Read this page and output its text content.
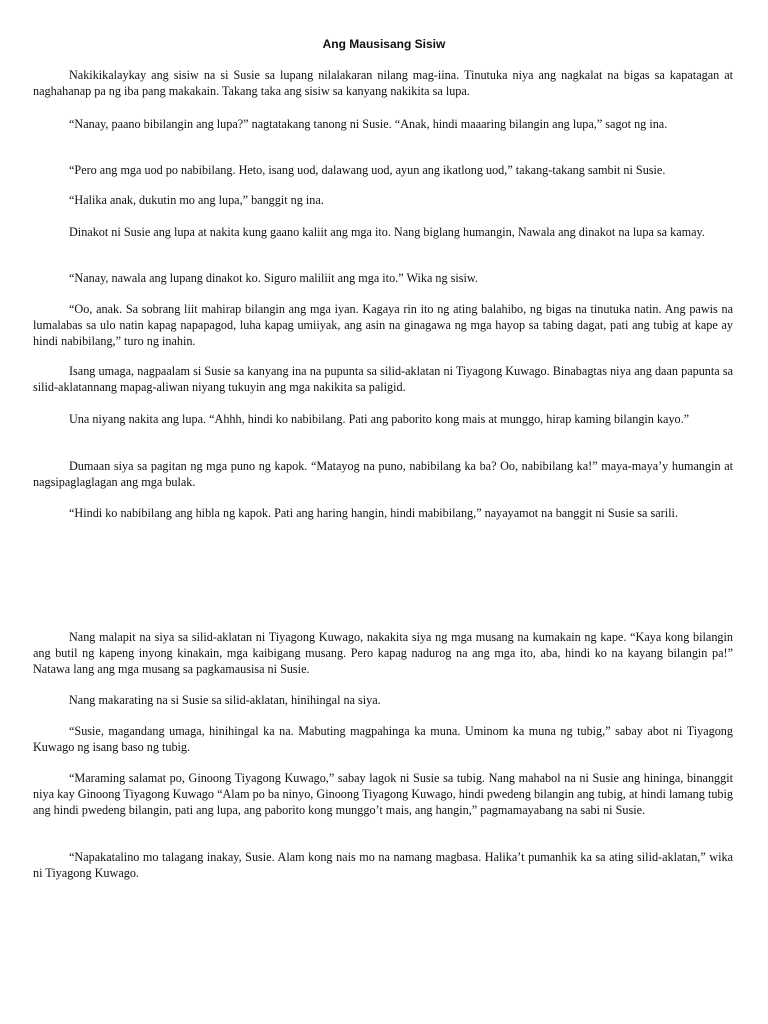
Ang Mausisang Sisiw

Nakikikalaykay ang sisiw na si Susie sa lupang nilalakaran nilang mag-iina. Tinutuka niya ang nagkalat na bigas sa kapatagan at naghahanap pa ng iba pang makakain. Takang taka ang sisiw sa kanyang nakikita sa lupa.

“Nanay, paano bibilangin ang lupa?” nagtatakang tanong ni Susie. “Anak, hindi maaaring bilangin ang lupa,” sagot ng ina.

“Pero ang mga uod po nabibilang. Heto, isang uod, dalawang uod, ayun ang ikatlong uod,” takang-takang sambit ni Susie.

“Halika anak, dukutin mo ang lupa,” banggit ng ina.

Dinakot ni Susie ang lupa at nakita kung gaano kaliit ang mga ito. Nang biglang humangin, Nawala ang dinakot na lupa sa kamay.

“Nanay, nawala ang lupang dinakot ko. Siguro maliliit ang mga ito.” Wika ng sisiw.

“Oo, anak. Sa sobrang liit mahirap bilangin ang mga iyan. Kagaya rin ito ng ating balahibo, ng bigas na tinutuka natin. Ang pawis na lumalabas sa ulo natin kapag napapagod, luha kapag umiiyak, ang asin na ginagawa ng mga hayop sa tabing dagat, pati ang tubig at kape ay hindi nabibilang,” turo ng inahin.

Isang umaga, nagpaalam si Susie sa kanyang ina na pupunta sa silid-aklatan ni Tiyagong Kuwago. Binabagtas niya ang daan papunta sa silid-aklatannang mapag-aliwan niyang tukuyin ang mga nakikita sa paligid.

Una niyang nakita ang lupa. “Ahhh, hindi ko nabibilang. Pati ang paborito kong mais at munggo, hirap kaming bilangin kayo.”

Dumaan siya sa pagitan ng mga puno ng kapok. “Matayog na puno, nabibilang ka ba? Oo, nabibilang ka!” maya-maya’y humangin at nagsipaglaglagan ang mga bulak.

“Hindi ko nabibilang ang hibla ng kapok. Pati ang haring hangin, hindi mabibilang,” nayayamot na banggit ni Susie sa sarili.

Nang malapit na siya sa silid-aklatan ni Tiyagong Kuwago, nakakita siya ng mga musang na kumakain ng kape. “Kaya kong bilangin ang butil ng kapeng inyong kinakain, mga kaibigang musang. Pero kapag nadurog na ang mga ito, aba, hindi ko na kayang bilangin pa!” Natawa lang ang mga musang sa pagkamausisa ni Susie.

Nang makarating na si Susie sa silid-aklatan, hinihingal na siya.

“Susie, magandang umaga, hinihingal ka na. Mabuting magpahinga ka muna. Uminom ka muna ng tubig,” sabay abot ni Tiyagong Kuwago ng isang baso ng tubig.

“Maraming salamat po, Ginoong Tiyagong Kuwago,” sabay lagok ni Susie sa tubig. Nang mahabol na ni Susie ang hininga, binanggit niya kay Ginoong Tiyagong Kuwago “Alam po ba ninyo, Ginoong Tiyagong Kuwago, hindi pwedeng bilangin ang tubig, at hindi lamang tubig ang hindi pwedeng bilangin, pati ang lupa, ang paborito kong munggo’t mais, ang hangin,” pagmamayabang na sabi ni Susie.

“Napakatalino mo talagang inakay, Susie. Alam kong nais mo na namang magbasa. Halika’t pumanhik ka sa ating silid-aklatan,” wika ni Tiyagong Kuwago.
